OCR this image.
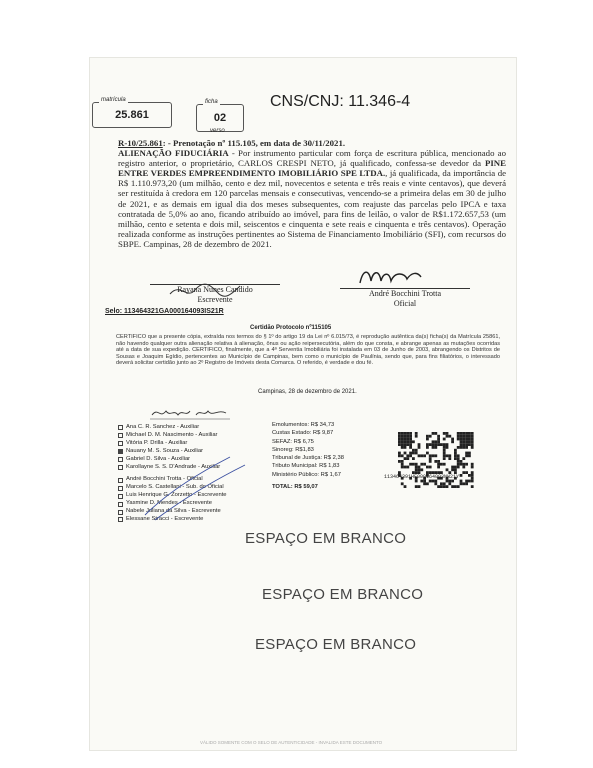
matrícula
25.861
ficha
02
verso
CNS/CNJ: 11.346-4
R-10/25.861: - Prenotação nº 115.105, em data de 30/11/2021.
ALIENAÇÃO FIDUCIÁRIA - Por instrumento particular com força de escritura pública, mencionado ao registro anterior, o proprietário, CARLOS CRESPI NETO, já qualificado, confessa-se devedor da PINE ENTRE VERDES EMPREENDIMENTO IMOBILIÁRIO SPE LTDA., já qualificada, da importância de R$ 1.110.973,20 (um milhão, cento e dez mil, novecentos e setenta e três reais e vinte centavos), que deverá ser restituída à credora em 120 parcelas mensais e consecutivas, vencendo-se a primeira delas em 30 de julho de 2021, e as demais em igual dia dos meses subsequentes, com reajuste das parcelas pelo IPCA e taxa contratada de 5,0% ao ano, ficando atribuído ao imóvel, para fins de leilão, o valor de R$1.172.657,53 (um milhão, cento e setenta e dois mil, seiscentos e cinquenta e sete reais e cinquenta e três centavos). Operação realizada conforme as instruções pertinentes ao Sistema de Financiamento Imobiliário (SFI), com recursos do SBPE. Campinas, 28 de dezembro de 2021.
Rayana Nunes Candido
Escrevente
André Bocchini Trotta
Oficial
Selo: 113464321GA000164093IS21R
Certidão Protocolo nº115105
CERTIFICO que a presente cópia, extraída nos termos do § 1º do artigo 19 da Lei nº 6.015/73, é reprodução autêntica da(s) ficha(s) da Matrícula 25861, não havendo qualquer outra alienação relativa à alienação, ônus ou ação reipersecutória, além do que consta, e abrange apenas as mutações ocorridas até a data de sua expedição. CERTIFICO, finalmente, que a 4ª Serventia Imobiliária foi instalada em 03 de Junho de 2003, abrangendo os Distritos de Sousas e Joaquim Egídio, pertencentes ao Município de Campinas, bem como o município de Paulínia, sendo que, para fins filiatórios, o interessado deverá solicitar certidão junto ao 2º Registro de Imóveis desta Comarca. O referido, é verdade e dou fé.
Campinas, 28 de dezembro de 2021.
Ana C. R. Sanchez - Auxiliar
Michael D. M. Nascimento - Auxiliar
Vitória P. Drilla - Auxiliar
Nauany M. S. Souza - Auxiliar
Gabriel D. Silva - Auxiliar
Karollayne S. S. D'Andrade - Auxiliar
André Bocchini Trotta - Oficial
Marcelo S. Castellani - Sub. do Oficial
Luis Henrique G. Zorzetto - Escrevente
Yasmine D. Mendes - Escrevente
Nabele Juliana da Silva - Escrevente
Elessane Stracci - Escrevente
Emolumentos: R$ 34,73
Custas Estado: R$ 9,87
SEFAZ: R$ 6,75
Sinoreg: R$1,83
Tribunal de Justiça: R$ 2,38
Tributo Municipal: R$ 1,83
Ministério Público: R$ 1,67
TOTAL: R$ 59,07
113464391HF000164093NW21Y
ESPAÇO EM BRANCO
ESPAÇO EM BRANCO
ESPAÇO EM BRANCO
VÁLIDO SOMENTE COM O SELO DE AUTENTICIDADE - INVALIDA ESTE DOCUMENTO
